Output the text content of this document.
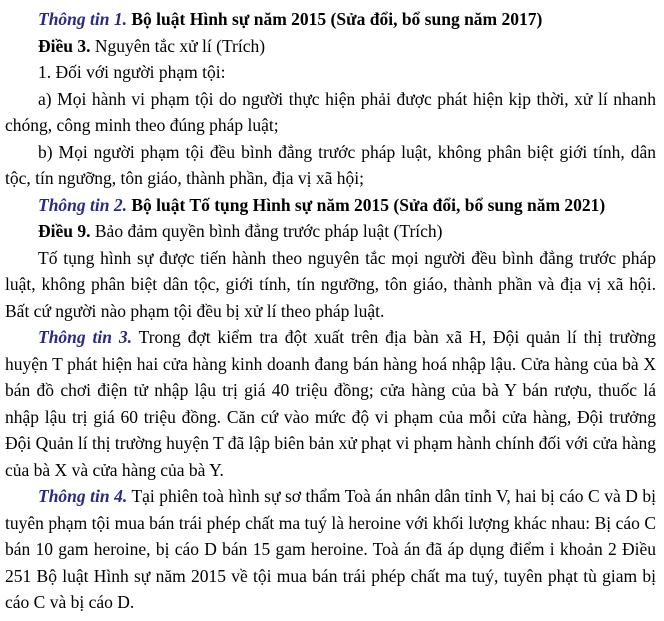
Thông tin 1. Bộ luật Hình sự năm 2015 (Sửa đổi, bổ sung năm 2017)

Điều 3. Nguyên tắc xử lí (Trích)

1. Đối với người phạm tội:

a) Mọi hành vi phạm tội do người thực hiện phải được phát hiện kịp thời, xử lí nhanh chóng, công minh theo đúng pháp luật;

b) Mọi người phạm tội đều bình đẳng trước pháp luật, không phân biệt giới tính, dân tộc, tín ngưỡng, tôn giáo, thành phần, địa vị xã hội;

Thông tin 2. Bộ luật Tố tụng Hình sự năm 2015 (Sửa đổi, bổ sung năm 2021)

Điều 9. Bảo đảm quyền bình đẳng trước pháp luật (Trích)

Tố tụng hình sự được tiến hành theo nguyên tắc mọi người đều bình đẳng trước pháp luật, không phân biệt dân tộc, giới tính, tín ngưỡng, tôn giáo, thành phần và địa vị xã hội. Bất cứ người nào phạm tội đều bị xử lí theo pháp luật.

Thông tin 3. Trong đợt kiểm tra đột xuất trên địa bàn xã H, Đội quản lí thị trường huyện T phát hiện hai cửa hàng kinh doanh đang bán hàng hoá nhập lậu. Cửa hàng của bà X bán đồ chơi điện tử nhập lậu trị giá 40 triệu đồng; cửa hàng của bà Y bán rượu, thuốc lá nhập lậu trị giá 60 triệu đồng. Căn cứ vào mức độ vi phạm của mỗi cửa hàng, Đội trưởng Đội Quản lí thị trường huyện T đã lập biên bản xử phạt vi phạm hành chính đối với cửa hàng của bà X và cửa hàng của bà Y.

Thông tin 4. Tại phiên toà hình sự sơ thẩm Toà án nhân dân tỉnh V, hai bị cáo C và D bị tuyên phạm tội mua bán trái phép chất ma tuý là heroine với khối lượng khác nhau: Bị cáo C bán 10 gam heroine, bị cáo D bán 15 gam heroine. Toà án đã áp dụng điểm i khoản 2 Điều 251 Bộ luật Hình sự năm 2015 về tội mua bán trái phép chất ma tuý, tuyên phạt tù giam bị cáo C và bị cáo D.
